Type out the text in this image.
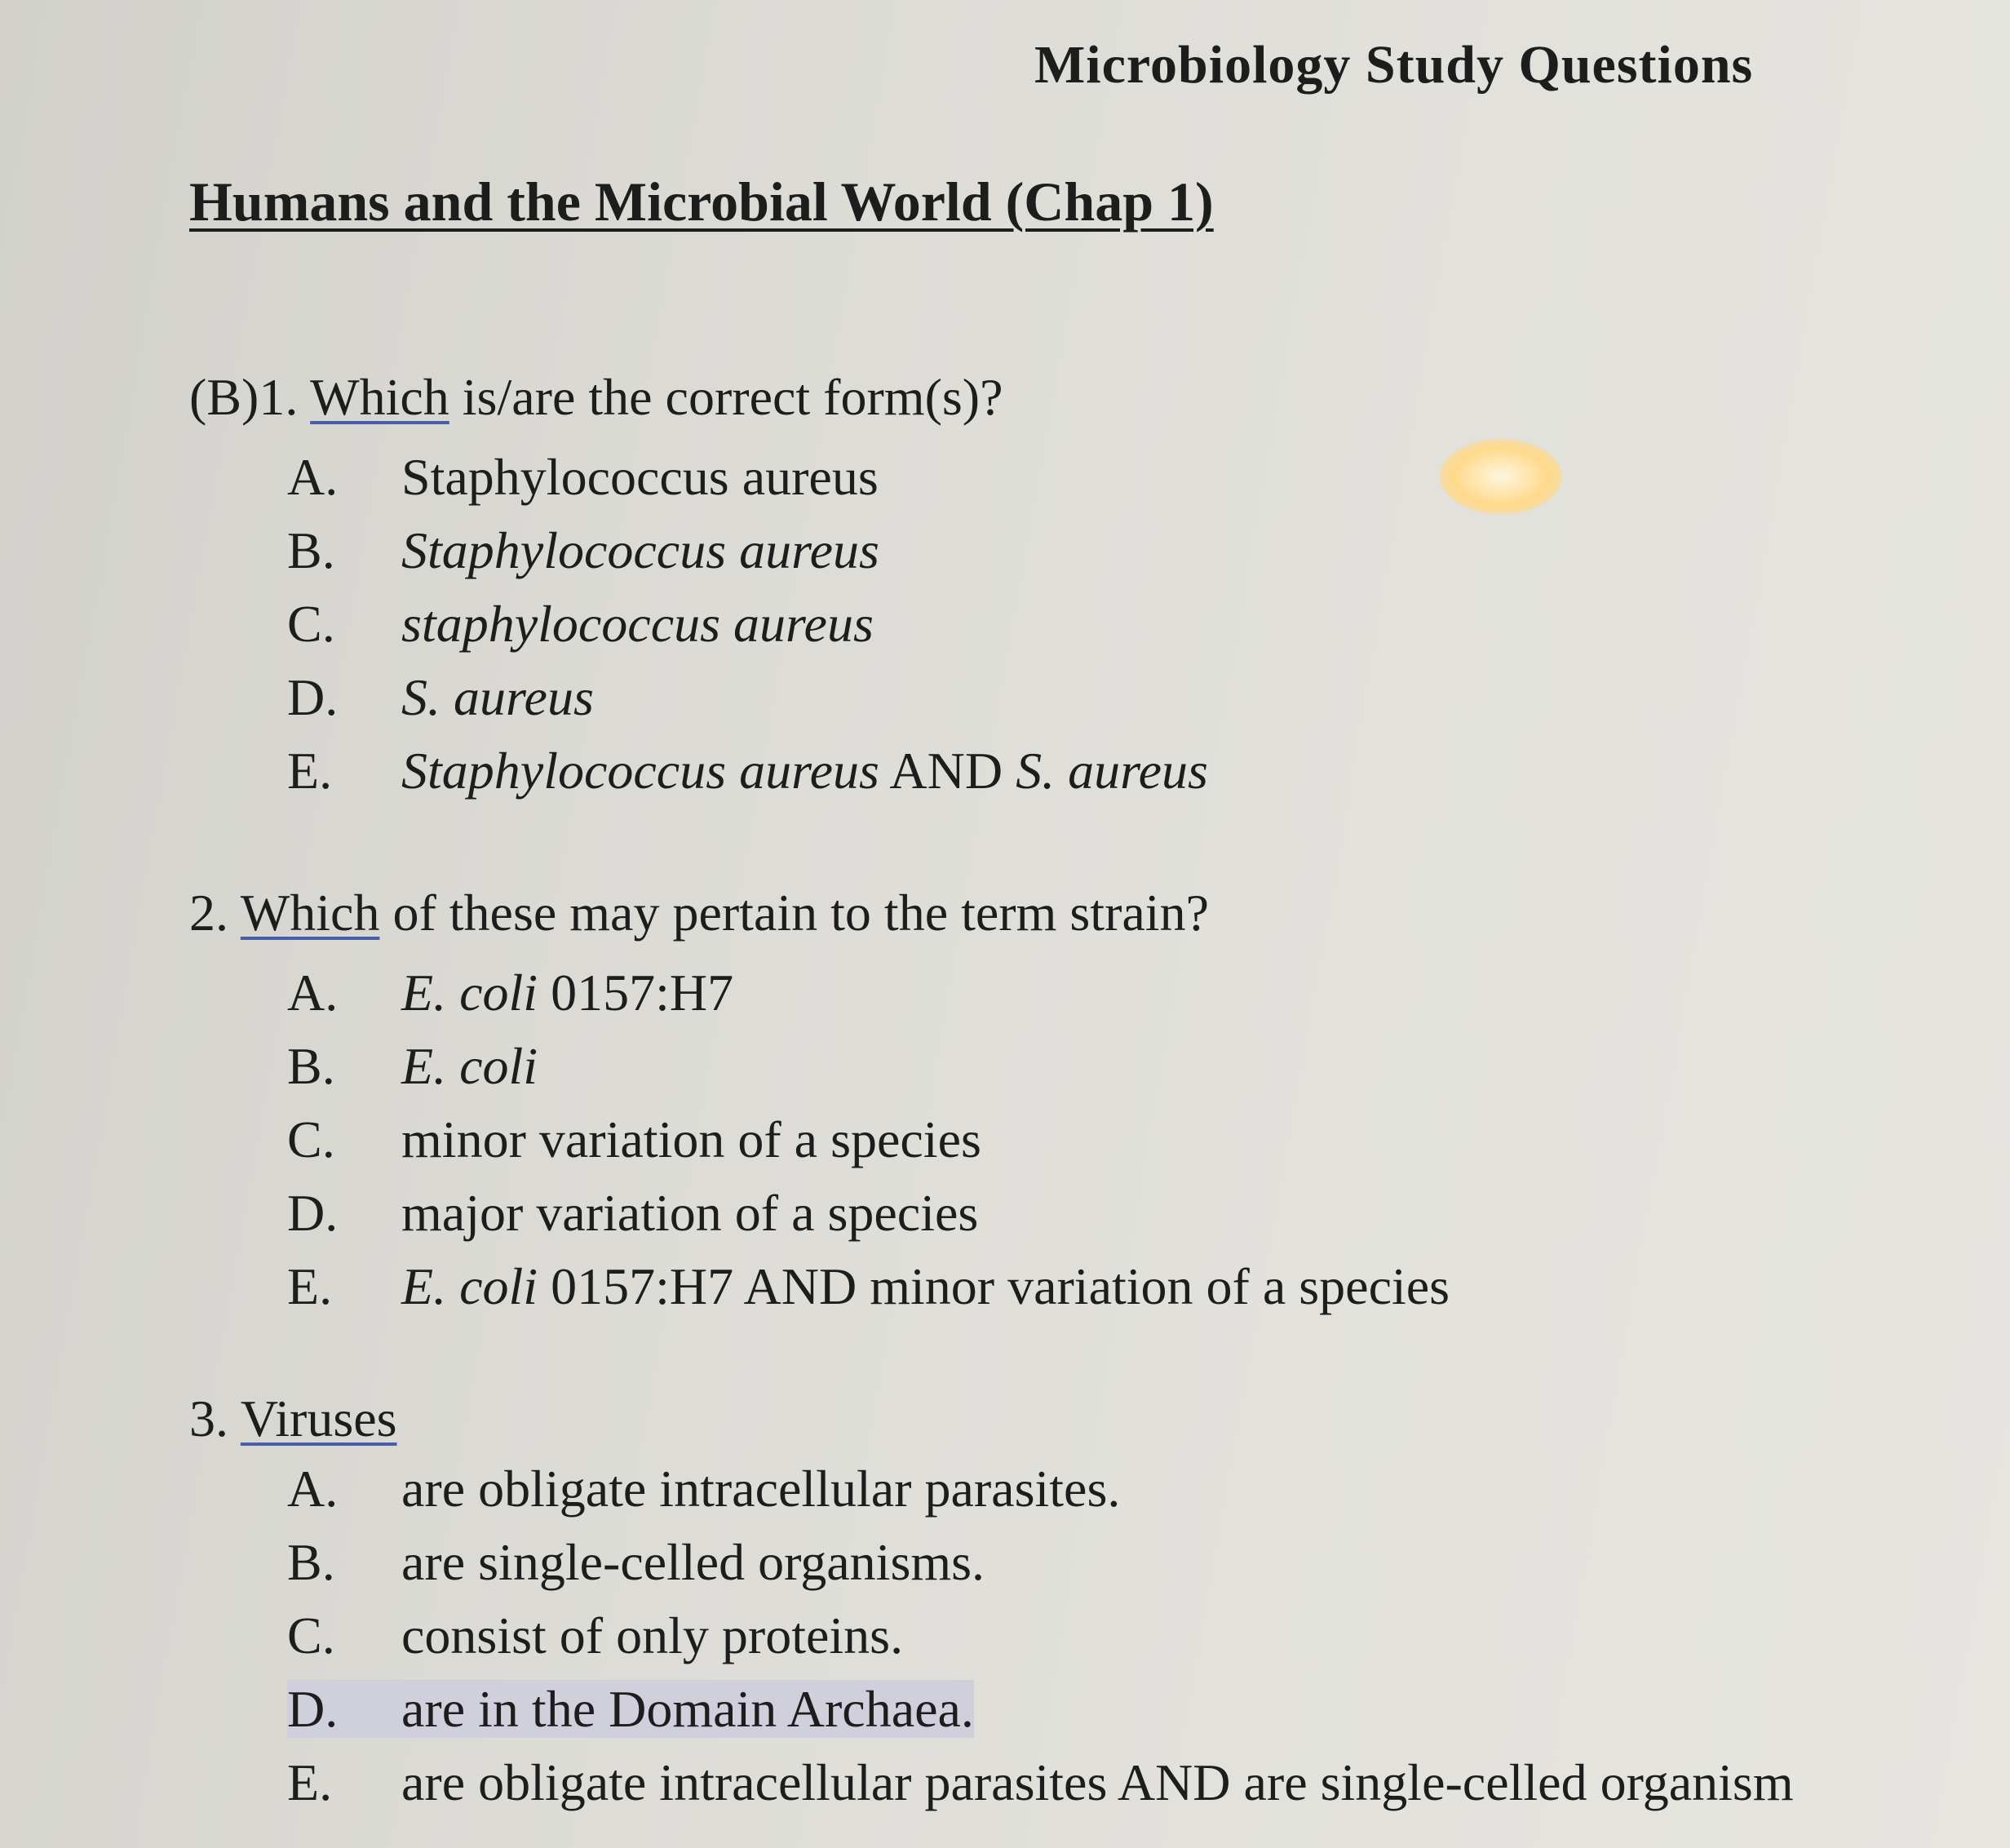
Microbiology Study Questions
Humans and the Microbial World (Chap 1)
(B)1. Which is/are the correct form(s)?
A. Staphylococcus aureus
B. Staphylococcus aureus
C. staphylococcus aureus
D. S. aureus
E. Staphylococcus aureus AND S. aureus
2. Which of these may pertain to the term strain?
A. E. coli 0157:H7
B. E. coli
C. minor variation of a species
D. major variation of a species
E. E. coli 0157:H7 AND minor variation of a species
3. Viruses
A. are obligate intracellular parasites.
B. are single-celled organisms.
C. consist of only proteins.
D. are in the Domain Archaea.
E. are obligate intracellular parasites AND are single-celled organism
